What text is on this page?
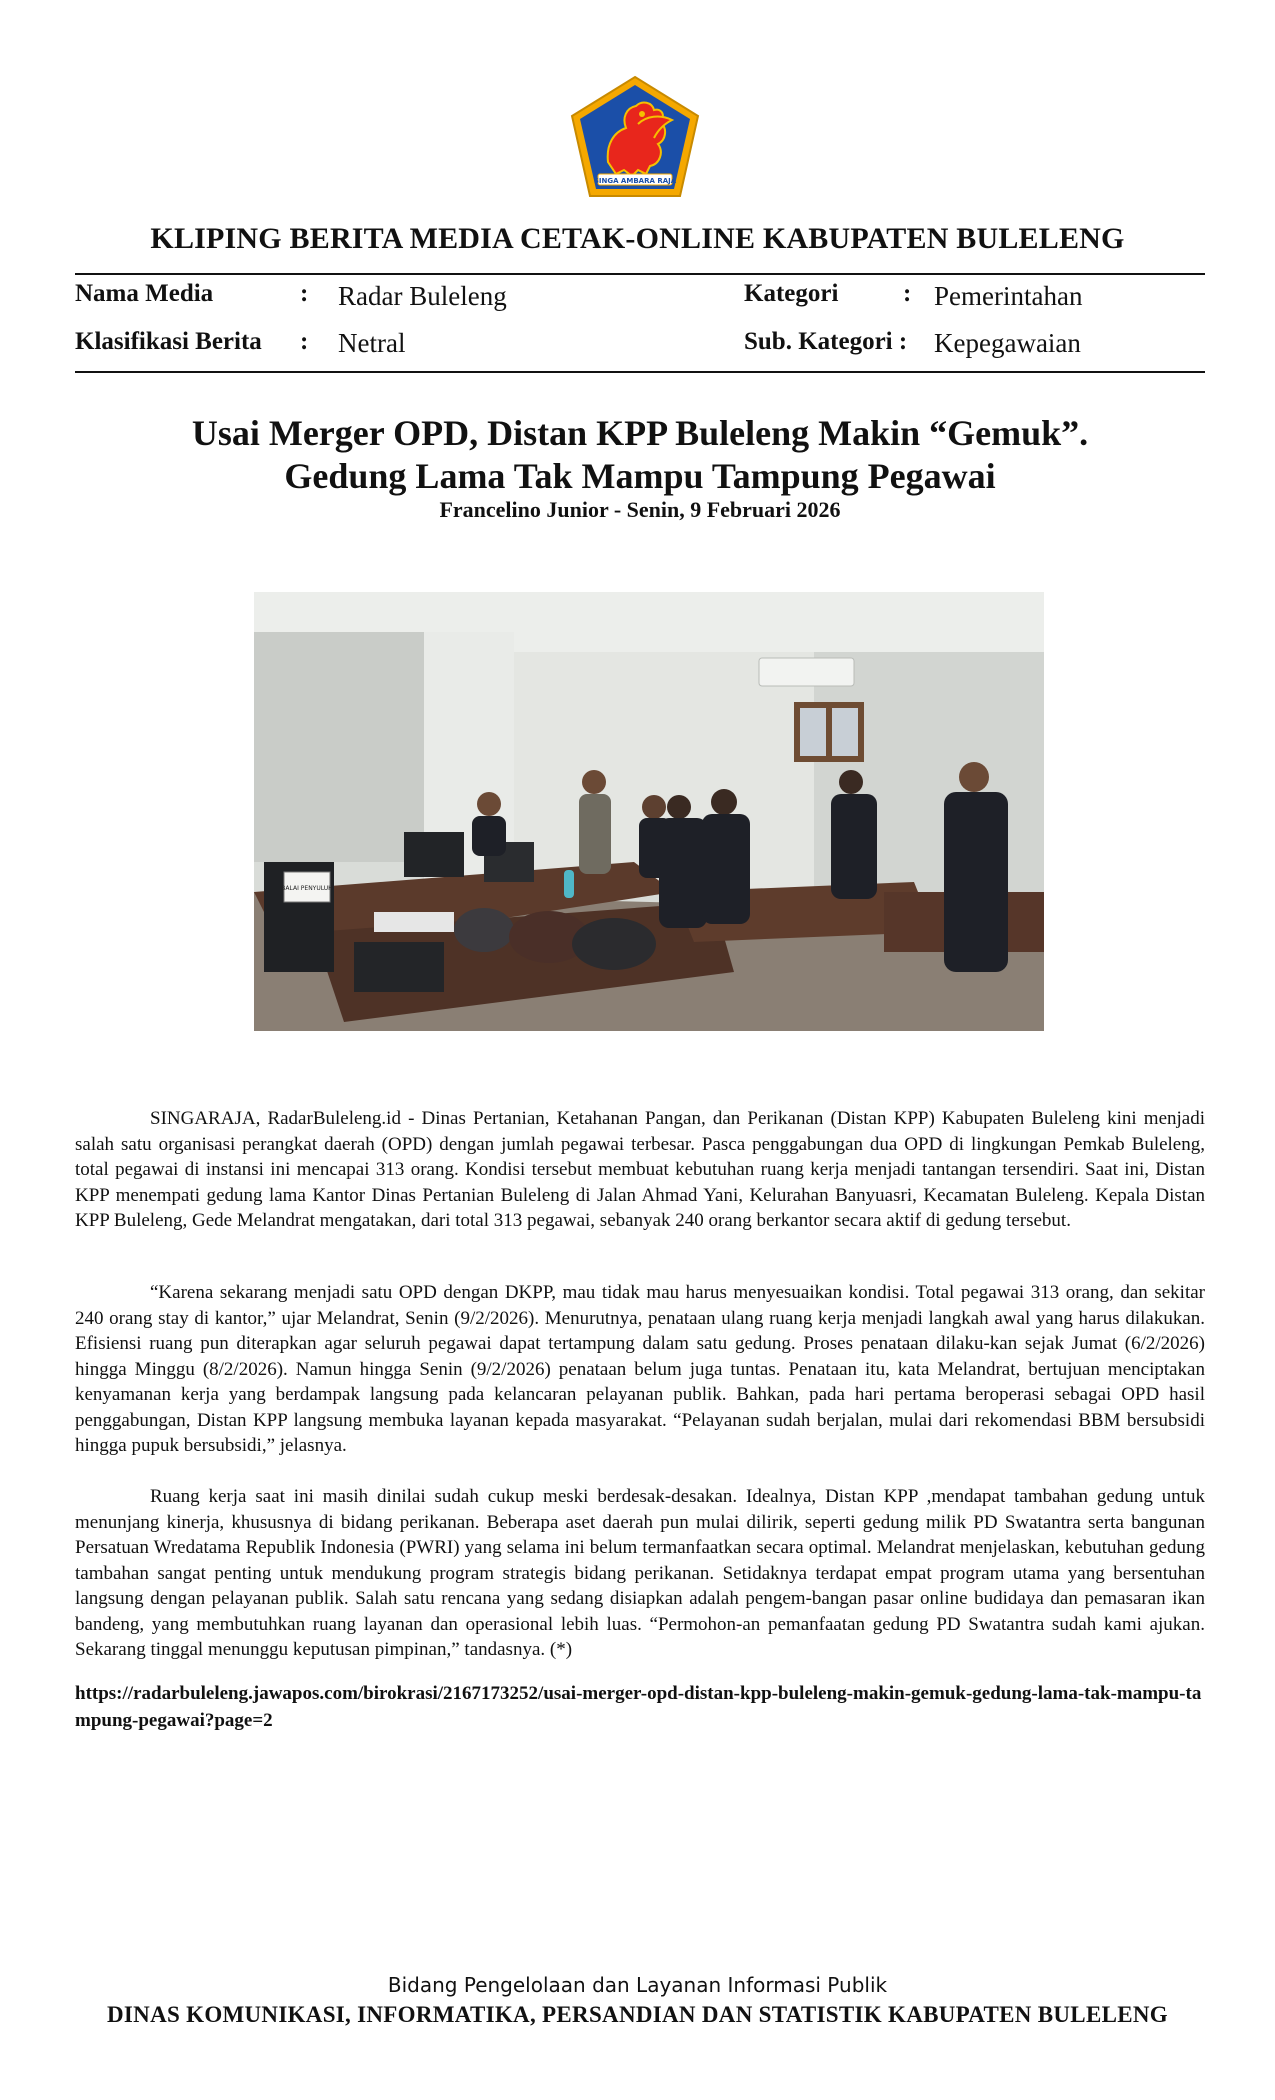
SINGA AMBARA RAJA
KLIPING BERITA MEDIA CETAK-ONLINE KABUPATEN BULELENG
Nama Media	: Radar Buleleng	Kategori	: Pemerintahan
Klasifikasi Berita : Netral	Sub. Kategori : Kepegawaian
Usai Merger OPD, Distan KPP Buleleng Makin “Gemuk”.
Gedung Lama Tak Mampu Tampung Pegawai
Francelino Junior - Senin, 9 Februari 2026
BALAI PENYULUH

SINGARAJA, RadarBuleleng.id - Dinas Pertanian, Ketahanan Pangan, dan Perikanan (Distan KPP) Kabupaten Buleleng kini menjadi salah satu organisasi perangkat daerah (OPD) dengan jumlah pegawai terbesar. Pasca penggabungan dua OPD di lingkungan Pemkab Buleleng, total pegawai di instansi ini mencapai 313 orang. Kondisi tersebut membuat kebutuhan ruang kerja menjadi tantangan tersendiri. Saat ini, Distan KPP menempati gedung lama Kantor Dinas Pertanian Buleleng di Jalan Ahmad Yani, Kelurahan Banyuasri, Kecamatan Buleleng. Kepala Distan KPP Buleleng, Gede Melandrat mengatakan, dari total 313 pegawai, sebanyak 240 orang berkantor secara aktif di gedung tersebut.

“Karena sekarang menjadi satu OPD dengan DKPP, mau tidak mau harus menyesuaikan kondisi. Total pegawai 313 orang, dan sekitar 240 orang stay di kantor,” ujar Melandrat, Senin (9/2/2026). Menurutnya, penataan ulang ruang kerja menjadi langkah awal yang harus dilakukan. Efisiensi ruang pun diterapkan agar seluruh pegawai dapat tertampung dalam satu gedung. Proses penataan dilaku-kan sejak Jumat (6/2/2026) hingga Minggu (8/2/2026). Namun hingga Senin (9/2/2026) penataan belum juga tuntas. Penataan itu, kata Melandrat, bertujuan menciptakan kenyamanan kerja yang berdampak langsung pada kelancaran pelayanan publik. Bahkan, pada hari pertama beroperasi sebagai OPD hasil penggabungan, Distan KPP langsung membuka layanan kepada masyarakat. “Pelayanan sudah berjalan, mulai dari rekomendasi BBM bersubsidi hingga pupuk bersubsidi,” jelasnya.

Ruang kerja saat ini masih dinilai sudah cukup meski berdesak-desakan. Idealnya, Distan KPP ,mendapat tambahan gedung untuk menunjang kinerja, khususnya di bidang perikanan. Beberapa aset daerah pun mulai dilirik, seperti gedung milik PD Swatantra serta bangunan Persatuan Wredatama Republik Indonesia (PWRI) yang selama ini belum termanfaatkan secara optimal. Melandrat menjelaskan, kebutuhan gedung tambahan sangat penting untuk mendukung program strategis bidang perikanan. Setidaknya terdapat empat program utama yang bersentuhan langsung dengan pelayanan publik. Salah satu rencana yang sedang disiapkan adalah pengem-bangan pasar online budidaya dan pemasaran ikan bandeng, yang membutuhkan ruang layanan dan operasional lebih luas. “Permohon-an pemanfaatan gedung PD Swatantra sudah kami ajukan. Sekarang tinggal menunggu keputusan pimpinan,” tandasnya. (*)

https://radarbuleleng.jawapos.com/birokrasi/2167173252/usai-merger-opd-distan-kpp-buleleng-makin-gemuk-gedung-lama-tak-mampu-tampung-pegawai?page=2
Bidang Pengelolaan dan Layanan Informasi Publik
DINAS KOMUNIKASI, INFORMATIKA, PERSANDIAN DAN STATISTIK KABUPATEN BULELENG
